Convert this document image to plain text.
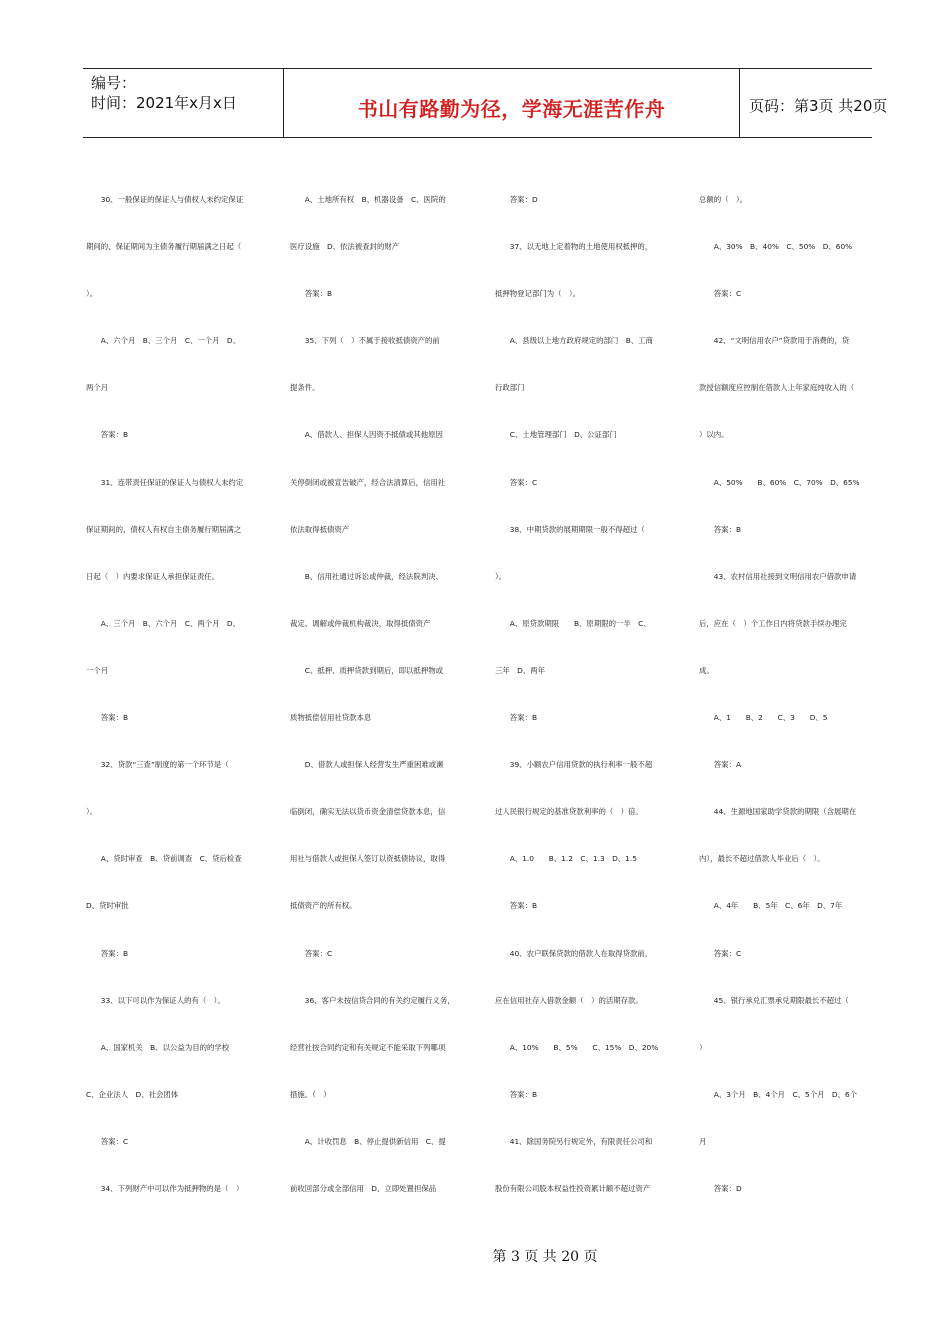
编号：
时间：2021年x月x日	书山有路勤为径，学海无涯苦作舟	页码：第3页 共20页
　　30、一般保证的保证人与债权人未约定保证
期间的，保证期间为主债务履行期届满之日起（
）。
　　A、六个月　B、三个月　C、一个月　D、
两个月
　　答案：B
　　31、连带责任保证的保证人与债权人未约定
保证期间的，债权人有权自主债务履行期届满之
日起（　）内要求保证人承担保证责任。
　　A、三个月　B、六个月　C、两个月　D、
一个月
　　答案：B
　　32、贷款“三查”制度的第一个环节是（
）。
　　A、贷时审查　B、贷前调查　C、贷后检查
D、贷时审批
　　答案：B
　　33、以下可以作为保证人的有（　）。
　　A、国家机关　B、以公益为目的的学校
C、企业法人　D、社会团体
　　答案：C
　　34、下列财产中可以作为抵押物的是（　）
　　A、土地所有权　B、机器设备　C、医院的
医疗设施　D、依法被查封的财产
　　答案：B
　　35、下列（　）不属于接收抵债资产的前
提条件。
　　A、借款人、担保人因资不抵债或其他原因
关停倒闭或被宣告破产，经合法清算后，信用社
依法取得抵债资产
　　B、信用社通过诉讼或仲裁，经法院判决、
裁定、调解或仲裁机构裁决，取得抵债资产
　　C、抵押、质押贷款到期后，即以抵押物或
质物抵偿信用社贷款本息
　　D、借款人或担保人经营发生严重困难或濒
临倒闭，确实无法以货币资金清偿贷款本息，信
用社与借款人或担保人签订以资抵债协议，取得
抵债资产的所有权。
　　答案：C
　　36、客户未按信贷合同的有关约定履行义务，
经营社按合同约定和有关规定不能采取下列哪项
措施。（　）
　　A、计收罚息　B、停止提供新信用　C、提
前收回部分或全部信用　D、立即处置担保品
　　答案：D
　　37、以无地上定着物的土地使用权抵押的，
抵押物登记部门为（　）。
　　A、县级以上地方政府规定的部门　B、工商
行政部门
　　C、土地管理部门　D、公证部门
　　答案：C
　　38、中期贷款的展期期限一般不得超过（
）。
　　A、原贷款期限　　B、原期限的一半　C、
三年　D、两年
　　答案：B
　　39、小额农户信用贷款的执行利率一般不超
过人民银行规定的基准贷款利率的（　）倍。
　　A、1.0　　B、1.2　C、1.3　D、1.5
　　答案：B
　　40、农户联保贷款的借款人在取得贷款前，
应在信用社存入借款金额（　）的活期存款。
　　A、10%　　B、5%　　C、15%　D、20%
　　答案：B
　　41、除国务院另行规定外，有限责任公司和
股份有限公司股本权益性投资累计额不超过资产
总额的（　）。
　　A、30%　B、40%　C、50%　D、60%
　　答案：C
　　42、“文明信用农户”贷款用于消费的，贷
款授信额度应控制在借款人上年家庭纯收入的（
）以内。
　　A、50%　　B、60%　C、70%　D、65%
　　答案：B
　　43、农村信用社接到文明信用农户借款申请
后，应在（　）个工作日内将贷款手续办理完
成。
　　A、1　　B、2　　C、3　　D、5
　　答案：A
　　44、生源地国家助学贷款的期限（含展期在
内），最长不超过借款人毕业后（　）。
　　A、4年　　B、5年　C、6年　D、7年
　　答案：C
　　45、银行承兑汇票承兑期限最长不超过（
）
　　A、3个月　B、4个月　C、5个月　D、6个
月
　　答案：D
第 3 页 共 20 页
